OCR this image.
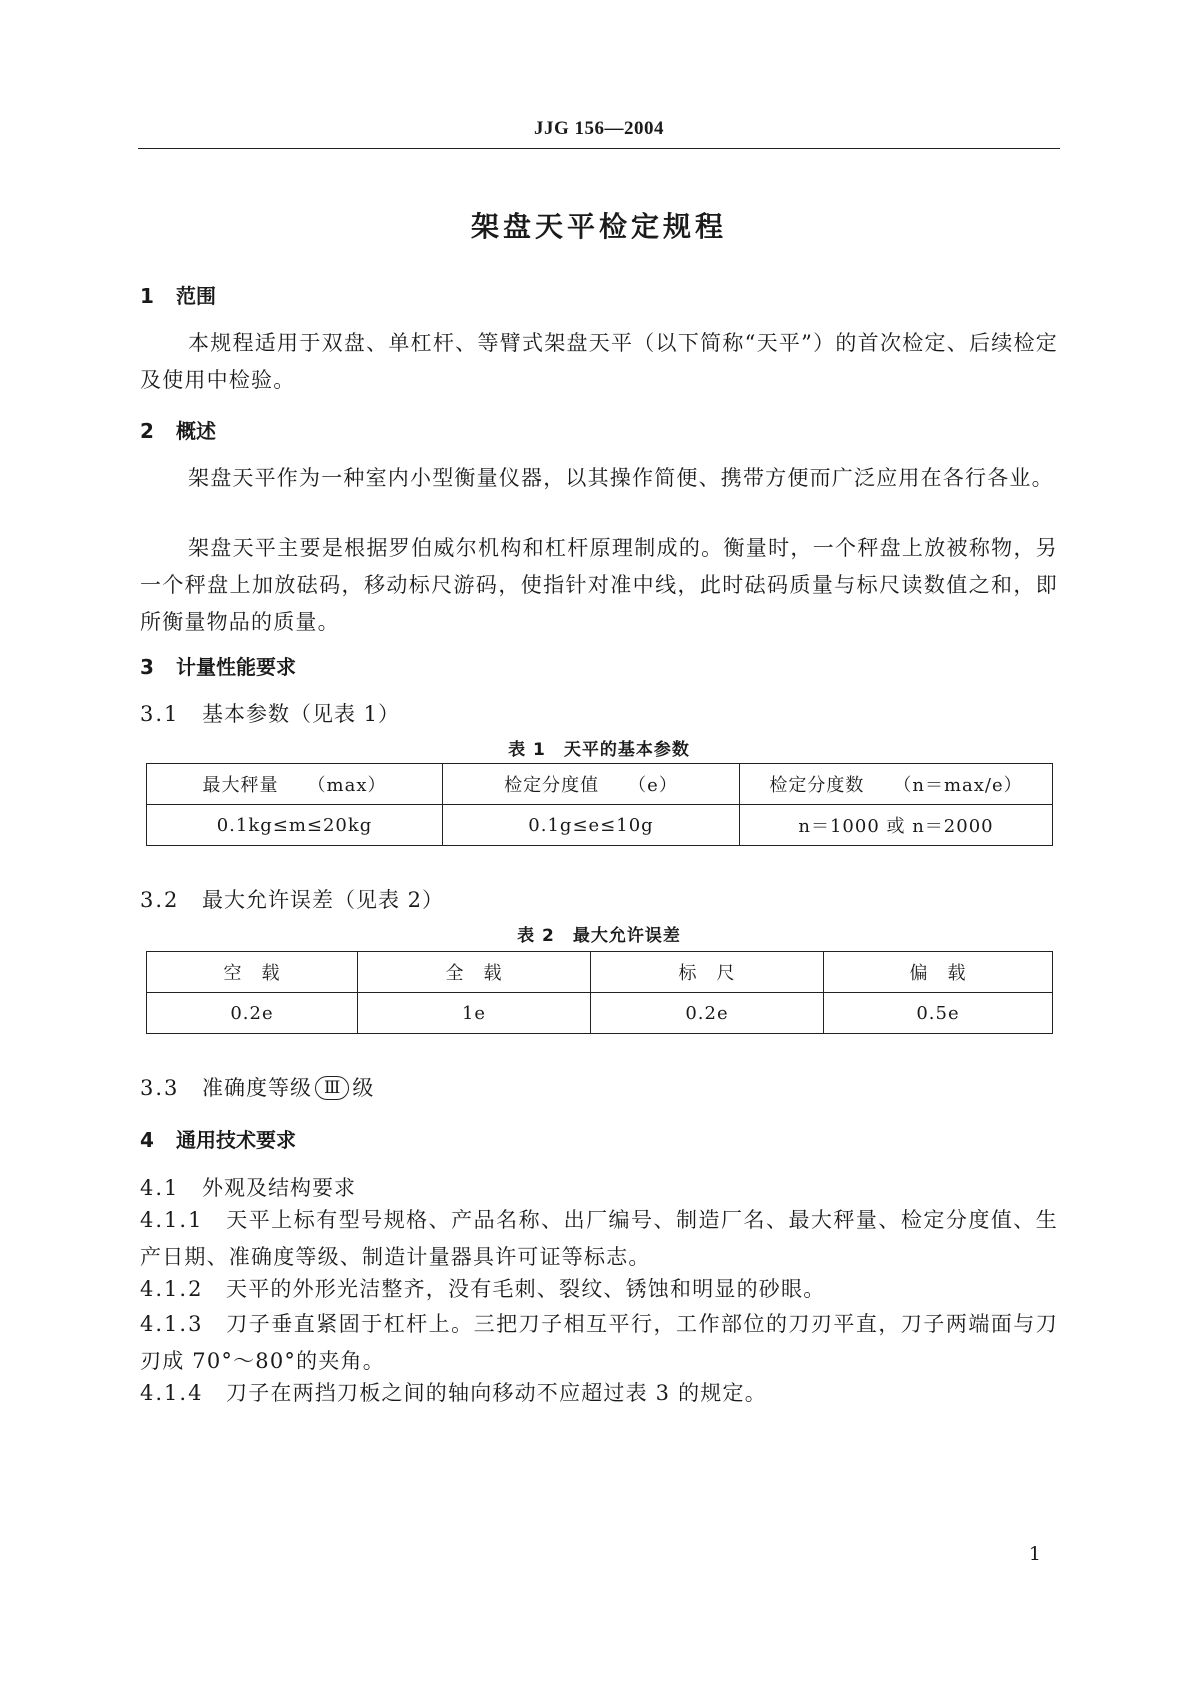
JJG 156—2004
架盘天平检定规程
1 范围
本规程适用于双盘、单杠杆、等臂式架盘天平（以下简称“天平”）的首次检定、后续检定及使用中检验。
2 概述
架盘天平作为一种室内小型衡量仪器，以其操作简便、携带方便而广泛应用在各行各业。
架盘天平主要是根据罗伯威尔机构和杠杆原理制成的。衡量时，一个秤盘上放被称物，另一个秤盘上加放砝码，移动标尺游码，使指针对准中线，此时砝码质量与标尺读数值之和，即所衡量物品的质量。
3 计量性能要求
3.1 基本参数（见表 1）
表 1　天平的基本参数
最大秤量　　（max）	检定分度值　　（e）	检定分度数　　（n＝max/e）
0.1kg≤m≤20kg	0.1g≤e≤10g	n＝1000 或 n＝2000
3.2 最大允许误差（见表 2）
表 2　最大允许误差
空　载	全　载	标　尺	偏　载
0.2e	1e	0.2e	0.5e
3.3 准确度等级 Ⅲ 级
4 通用技术要求
4.1 外观及结构要求
4.1.1 天平上标有型号规格、产品名称、出厂编号、制造厂名、最大秤量、检定分度值、生产日期、准确度等级、制造计量器具许可证等标志。
4.1.2 天平的外形光洁整齐，没有毛刺、裂纹、锈蚀和明显的砂眼。
4.1.3 刀子垂直紧固于杠杆上。三把刀子相互平行，工作部位的刀刃平直，刀子两端面与刀刃成 70°～80°的夹角。
4.1.4 刀子在两挡刀板之间的轴向移动不应超过表 3 的规定。
1
